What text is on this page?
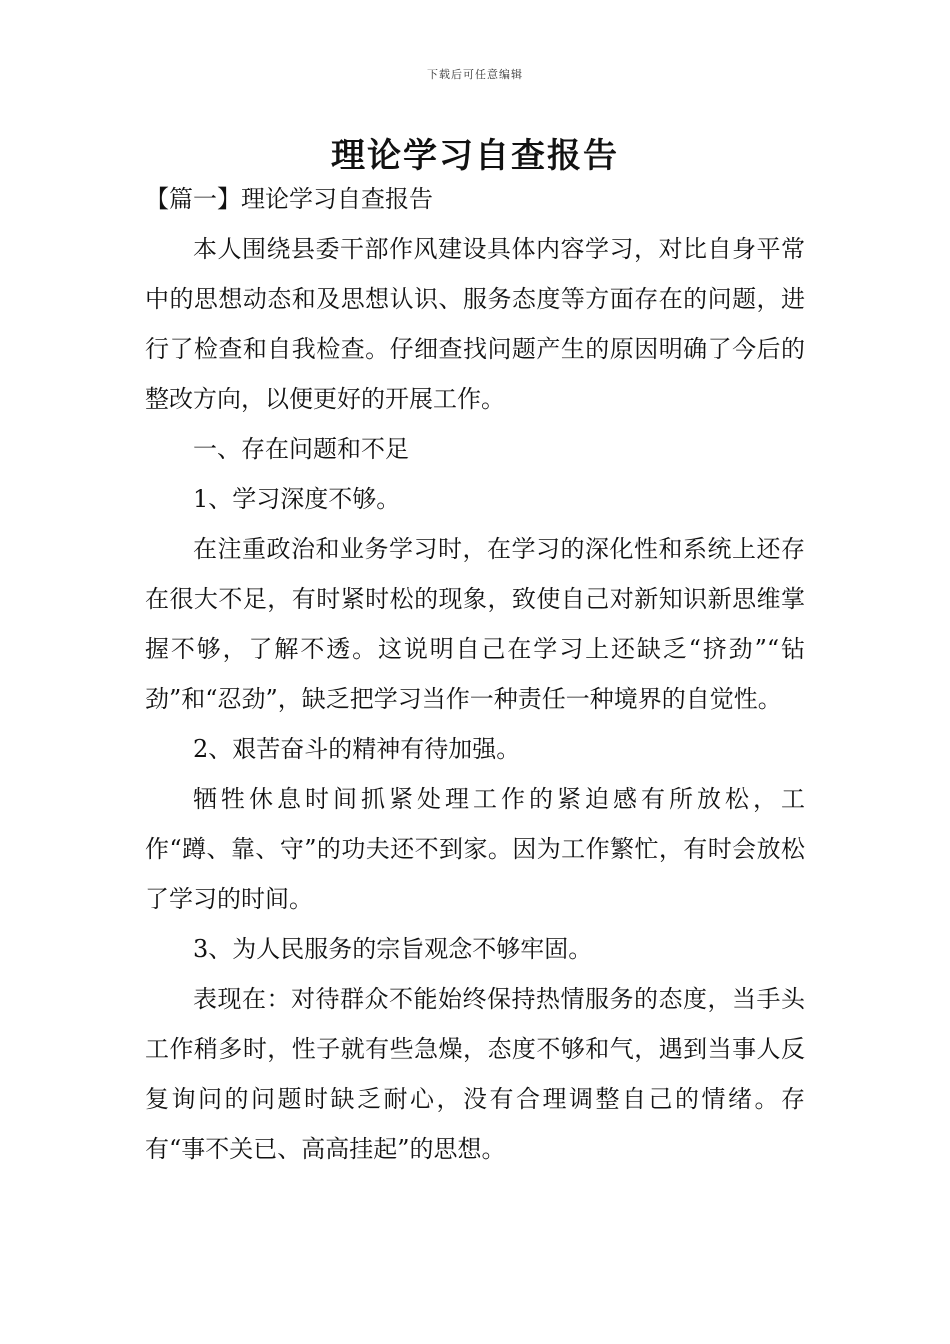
下载后可任意编辑
理论学习自查报告

【篇一】理论学习自查报告

本人围绕县委干部作风建设具体内容学习，对比自身平常中的思想动态和及思想认识、服务态度等方面存在的问题，进行了检查和自我检查。仔细查找问题产生的原因明确了今后的整改方向，以便更好的开展工作。

一、存在问题和不足

1、学习深度不够。

在注重政治和业务学习时，在学习的深化性和系统上还存在很大不足，有时紧时松的现象，致使自己对新知识新思维掌握不够，了解不透。这说明自己在学习上还缺乏“挤劲”“钻劲”和“忍劲”，缺乏把学习当作一种责任一种境界的自觉性。

2、艰苦奋斗的精神有待加强。

牺牲休息时间抓紧处理工作的紧迫感有所放松，工作“蹲、靠、守”的功夫还不到家。因为工作繁忙，有时会放松了学习的时间。

3、为人民服务的宗旨观念不够牢固。

表现在：对待群众不能始终保持热情服务的态度，当手头工作稍多时，性子就有些急燥，态度不够和气，遇到当事人反复询问的问题时缺乏耐心，没有合理调整自己的情绪。存有“事不关已、高高挂起”的思想。
